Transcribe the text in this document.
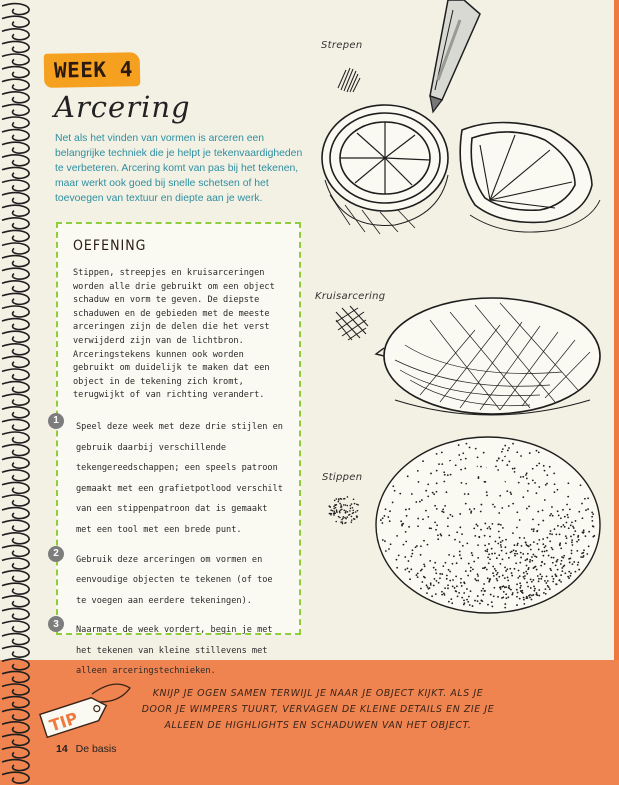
WEEK 4
Arcering
Net als het vinden van vormen is arceren een belangrijke techniek die je helpt je tekenvaardigheden te verbeteren. Arcering komt van pas bij het tekenen, maar werkt ook goed bij snelle schetsen of het toevoegen van textuur en diepte aan je werk.
OEFENING

Stippen, streepjes en kruisarceringen worden alle drie gebruikt om een object schaduw en vorm te geven. De diepste schaduwen en de gebieden met de meeste arceringen zijn de delen die het verst verwijderd zijn van de lichtbron. Arceringstekens kunnen ook worden gebruikt om duidelijk te maken dat een object in de tekening zich kromt, terugwijkt of van richting verandert.

1
Speel deze week met deze drie stijlen en gebruik daarbij verschillende tekengereedschappen; een speels patroon gemaakt met een grafietpotlood verschilt van een stippenpatroon dat is gemaakt met een tool met een brede punt.
2
Gebruik deze arceringen om vormen en eenvoudige objecten te tekenen (of toe te voegen aan eerdere tekeningen).
3
Naarmate de week vordert, begin je met het tekenen van kleine stillevens met alleen arceringstechnieken.
Strepen
Kruisarcering
Stippen
TIP
KNIJP JE OGEN SAMEN TERWIJL JE NAAR JE OBJECT KIJKT. ALS JE DOOR JE WIMPERS TUURT, VERVAGEN DE KLEINE DETAILS EN ZIE JE ALLEEN DE HIGHLIGHTS EN SCHADUWEN VAN HET OBJECT.
14 De basis
